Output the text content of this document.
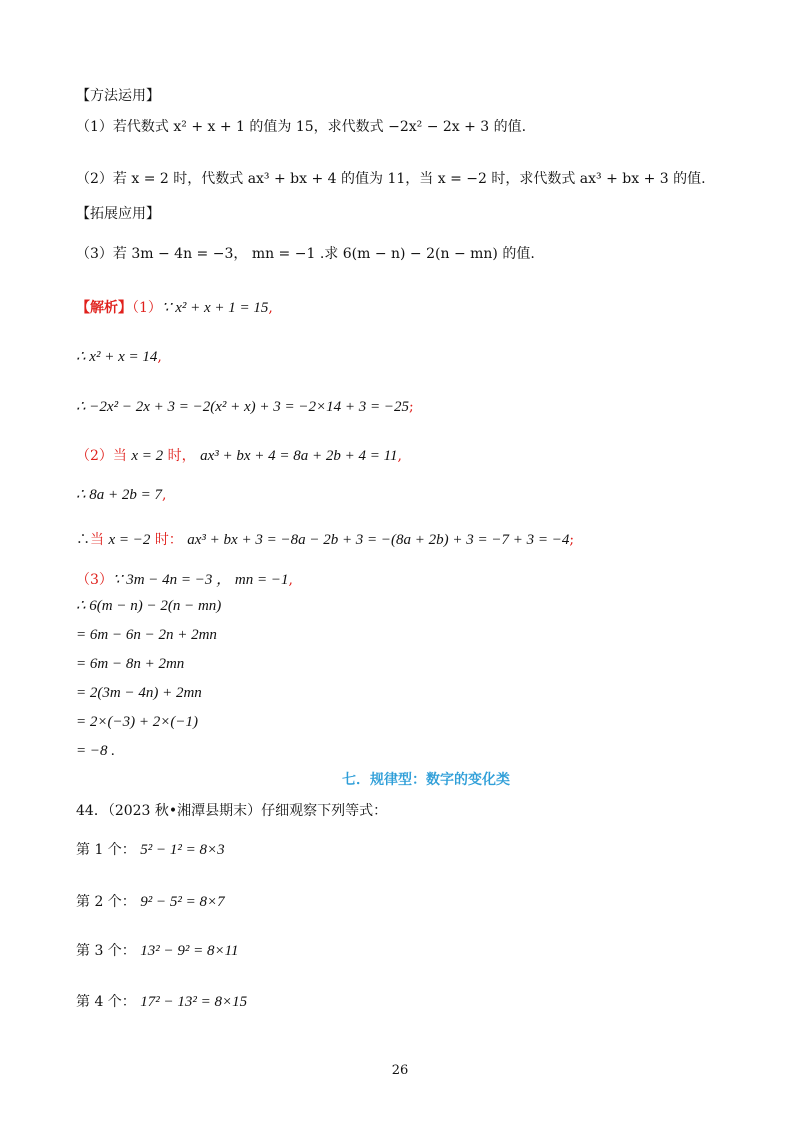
【方法运用】
（1）若代数式 x² + x + 1 的值为 15，求代数式 −2x² − 2x + 3 的值.
（2）若 x = 2 时，代数式 ax³ + bx + 4 的值为 11，当 x = −2 时，求代数式 ax³ + bx + 3 的值.
【拓展应用】
（3）若 3m − 4n = −3， mn = −1 .求 6(m − n) − 2(n − mn) 的值.
【解析】（1）∵ x² + x + 1 = 15,
∴ x² + x = 14,
∴ −2x² − 2x + 3 = −2(x² + x) + 3 = −2×14 + 3 = −25;
（2）当 x = 2 时， ax³ + bx + 4 = 8a + 2b + 4 = 11,
∴ 8a + 2b = 7,
∴当 x = −2 时： ax³ + bx + 3 = −8a − 2b + 3 = −(8a + 2b) + 3 = −7 + 3 = −4;
（3）∵ 3m − 4n = −3 ， mn = −1,
∴ 6(m − n) − 2(n − mn)
= 6m − 6n − 2n + 2mn
= 6m − 8n + 2mn
= 2(3m − 4n) + 2mn
= 2×(−3) + 2×(−1)
= −8 .
七．规律型：数字的变化类
44．（2023 秋•湘潭县期末）仔细观察下列等式：
第 1 个： 5² − 1² = 8×3
第 2 个： 9² − 5² = 8×7
第 3 个： 13² − 9² = 8×11
第 4 个： 17² − 13² = 8×15
26
